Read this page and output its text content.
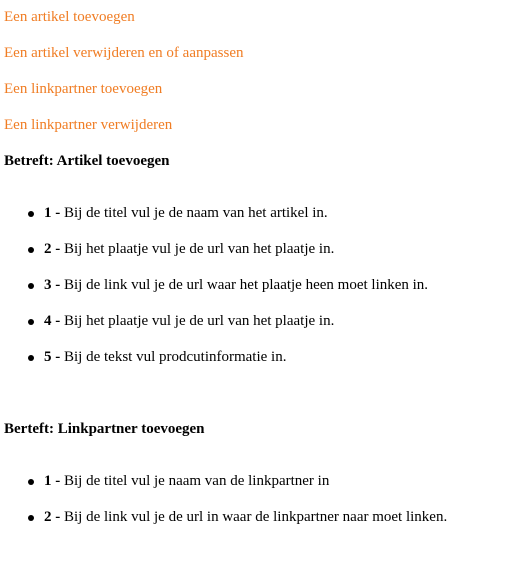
Een artikel toevoegen
Een artikel verwijderen en of aanpassen
Een linkpartner toevoegen
Een linkpartner verwijderen
Betreft: Artikel toevoegen
1 - Bij de titel vul je de naam van het artikel in.
2 - Bij het plaatje vul je de url van het plaatje in.
3 - Bij de link vul je de url waar het plaatje heen moet linken in.
4 - Bij het plaatje vul je de url van het plaatje in.
5 - Bij de tekst vul prodcutinformatie in.
Berteft: Linkpartner toevoegen
1 - Bij de titel vul je naam van de linkpartner in
2 - Bij de link vul je de url in waar de linkpartner naar moet linken.
